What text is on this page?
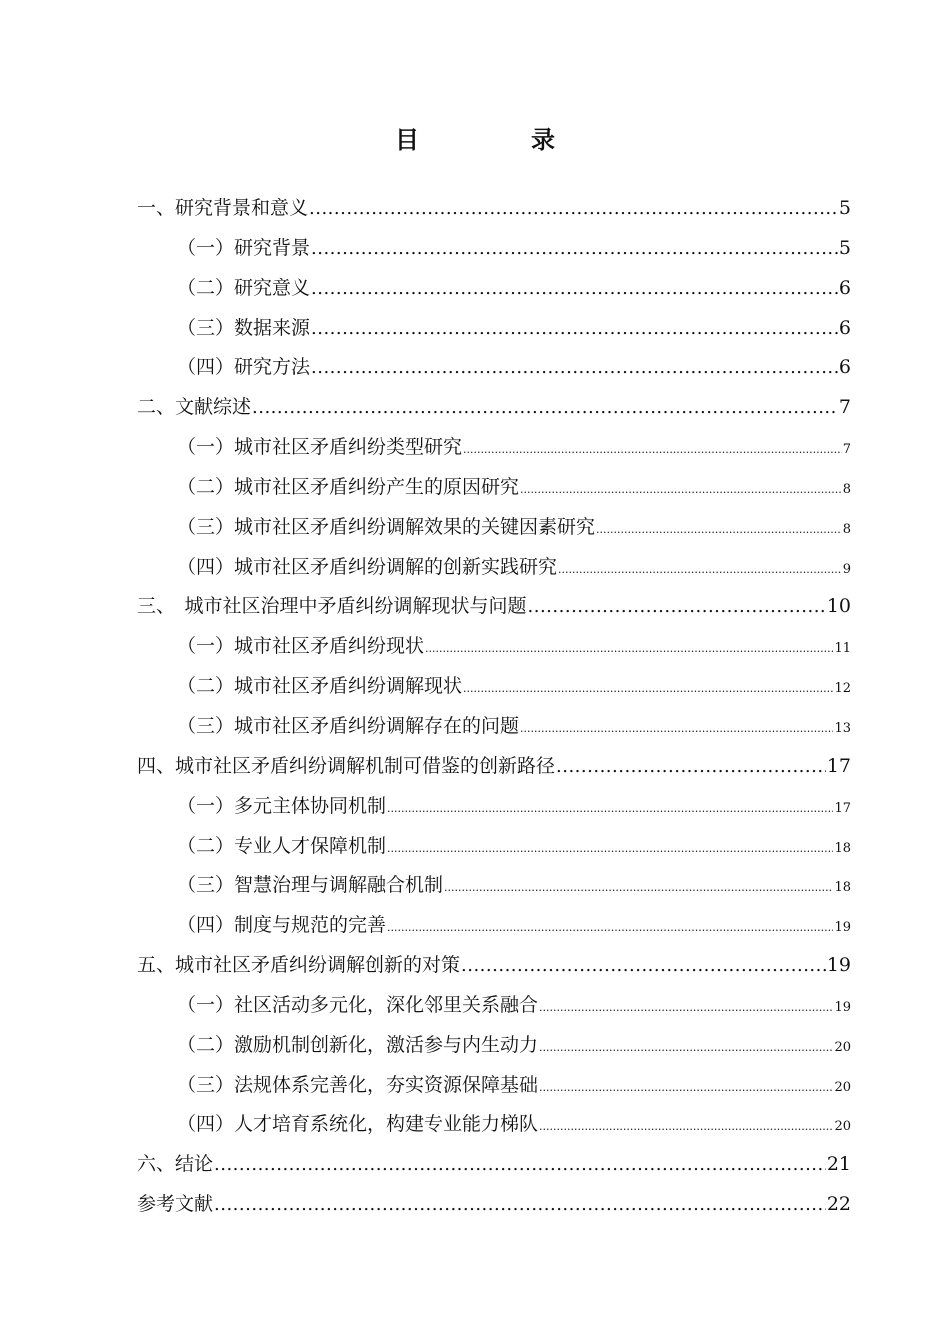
目　录
一、研究背景和意义 .....	5
（一）研究背景 .....	5
（二）研究意义 .....	6
（三）数据来源 .....	6
（四）研究方法 .....	6
二、文献综述 .....	7
（一）城市社区矛盾纠纷类型研究 .....	7
（二）城市社区矛盾纠纷产生的原因研究 .....	8
（三）城市社区矛盾纠纷调解效果的关键因素研究 .....	8
（四）城市社区矛盾纠纷调解的创新实践研究 .....	9
三、　城市社区治理中矛盾纠纷调解现状与问题 .....	10
（一）城市社区矛盾纠纷现状 .....	11
（二）城市社区矛盾纠纷调解现状 .....	12
（三）城市社区矛盾纠纷调解存在的问题 .....	13
四、城市社区矛盾纠纷调解机制可借鉴的创新路径 .....	17
（一）多元主体协同机制 .....	17
（二）专业人才保障机制 .....	18
（三）智慧治理与调解融合机制 .....	18
（四）制度与规范的完善 .....	19
五、城市社区矛盾纠纷调解创新的对策 .....	19
（一）社区活动多元化，深化邻里关系融合 .....	19
（二）激励机制创新化，激活参与内生动力 .....	20
（三）法规体系完善化，夯实资源保障基础 .....	20
（四）人才培育系统化，构建专业能力梯队 .....	20
六、结论 .....	21
参考文献 .....	22
